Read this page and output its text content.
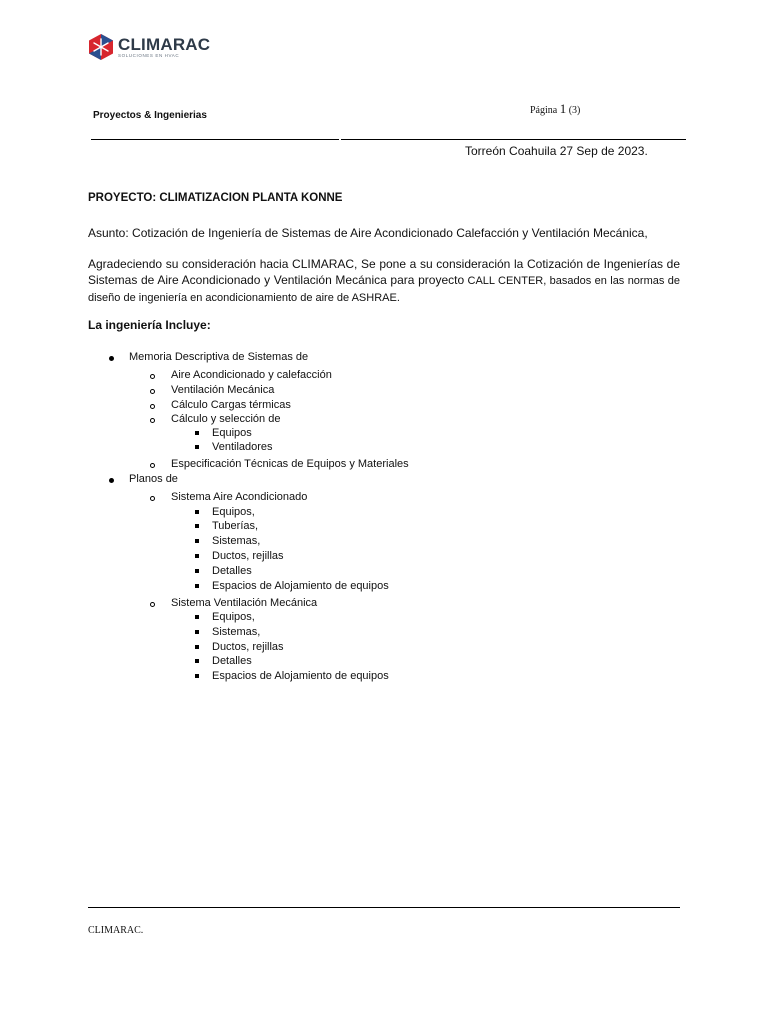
CLIMARAC
SOLUCIONES EN HVAC
Proyectos & Ingenierias	Página 1 (3)
Torreón Coahuila 27 Sep de 2023.
PROYECTO: CLIMATIZACION PLANTA KONNE
Asunto: Cotización de Ingeniería de Sistemas de Aire Acondicionado Calefacción y Ventilación Mecánica,
Agradeciendo su consideración hacia CLIMARAC, Se pone a su consideración la Cotización de Ingenierías de Sistemas de Aire Acondicionado y Ventilación Mecánica para proyecto CALL CENTER, basados en las normas de diseño de ingeniería en acondicionamiento de aire de ASHRAE.
La ingeniería Incluye:
Memoria Descriptiva de Sistemas de
Aire Acondicionado y calefacción
Ventilación Mecánica
Cálculo Cargas térmicas
Cálculo y selección de
Equipos
Ventiladores
Especificación Técnicas de Equipos y Materiales
Planos de
Sistema Aire Acondicionado
Equipos,
Tuberías,
Sistemas,
Ductos, rejillas
Detalles
Espacios de Alojamiento de equipos
Sistema Ventilación Mecánica
Equipos,
Sistemas,
Ductos, rejillas
Detalles
Espacios de Alojamiento de equipos
CLIMARAC.
